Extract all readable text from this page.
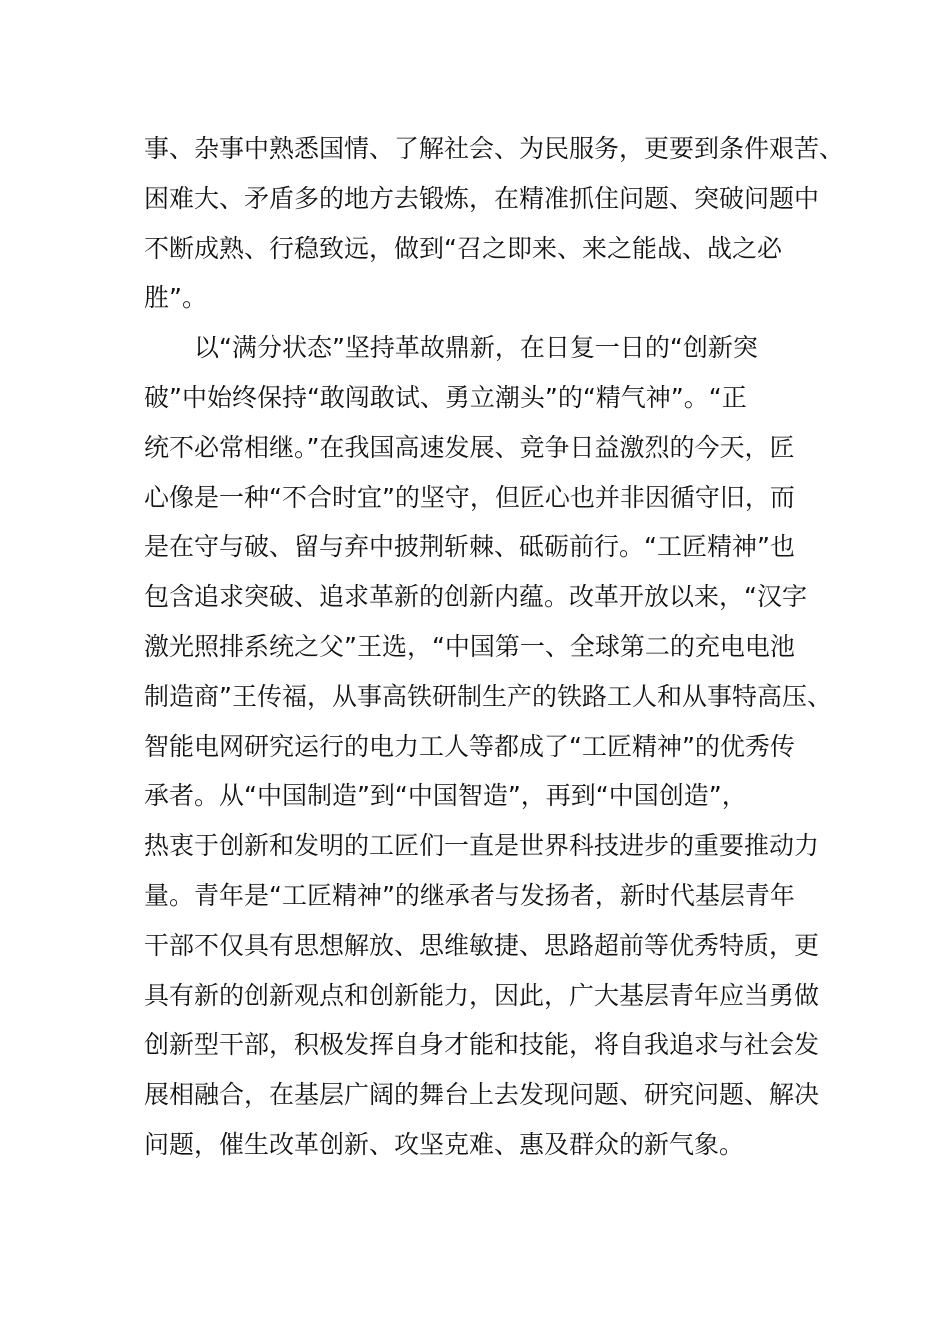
事、杂事中熟悉国情、了解社会、为民服务，更要到条件艰苦、
困难大、矛盾多的地方去锻炼，在精准抓住问题、突破问题中
不断成熟、行稳致远，做到“召之即来、来之能战、战之必
胜”。
　　以“满分状态”坚持革故鼎新，在日复一日的“创新突
破”中始终保持“敢闯敢试、勇立潮头”的“精气神”。“正
统不必常相继。”在我国高速发展、竞争日益激烈的今天，匠
心像是一种“不合时宜”的坚守，但匠心也并非因循守旧，而
是在守与破、留与弃中披荆斩棘、砥砺前行。“工匠精神”也
包含追求突破、追求革新的创新内蕴。改革开放以来，“汉字
激光照排系统之父”王选，“中国第一、全球第二的充电电池
制造商”王传福，从事高铁研制生产的铁路工人和从事特高压、
智能电网研究运行的电力工人等都成了“工匠精神”的优秀传
承者。从“中国制造”到“中国智造”，再到“中国创造”，
热衷于创新和发明的工匠们一直是世界科技进步的重要推动力
量。青年是“工匠精神”的继承者与发扬者，新时代基层青年
干部不仅具有思想解放、思维敏捷、思路超前等优秀特质，更
具有新的创新观点和创新能力，因此，广大基层青年应当勇做
创新型干部，积极发挥自身才能和技能，将自我追求与社会发
展相融合，在基层广阔的舞台上去发现问题、研究问题、解决
问题，催生改革创新、攻坚克难、惠及群众的新气象。
